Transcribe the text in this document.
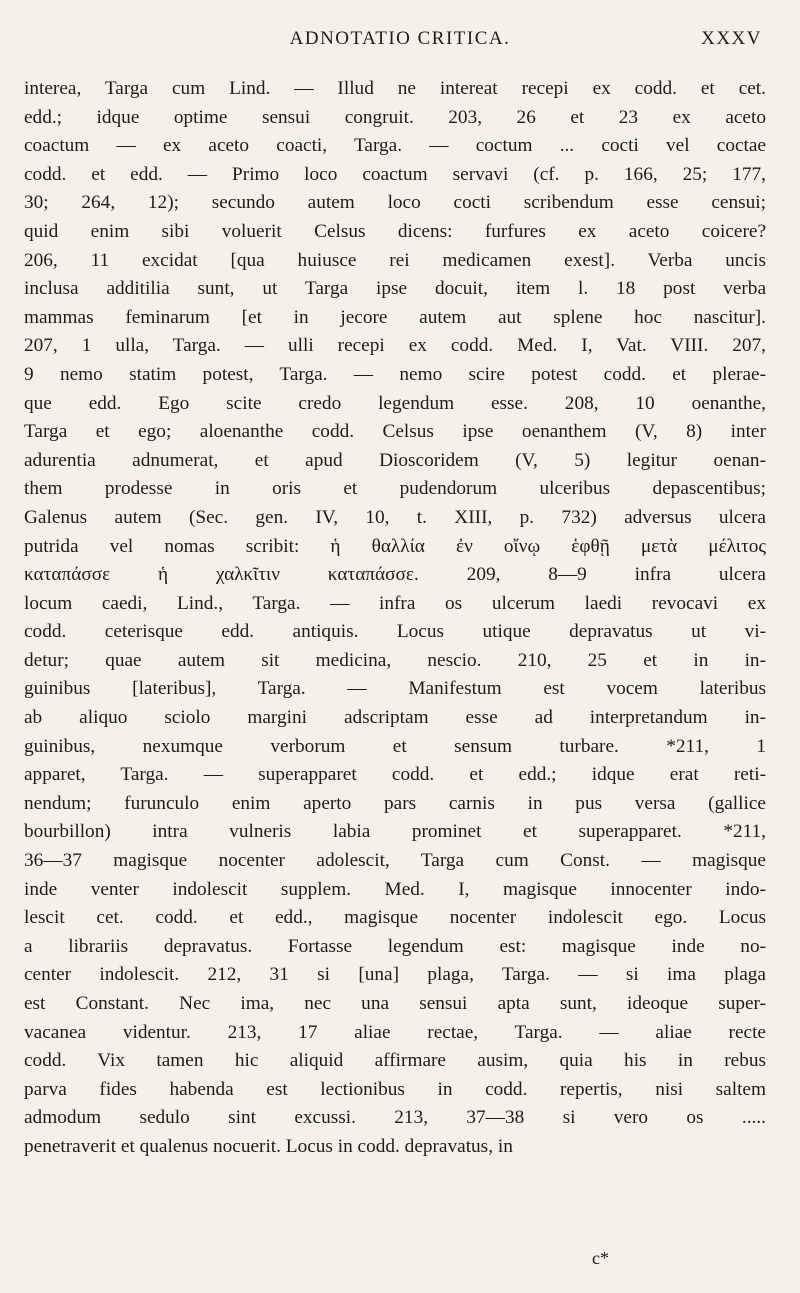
ADNOTATIO CRITICA.	XXXV
interea, Targa cum Lind. — Illud ne intereat recepi ex codd. et cet.
edd.; idque optime sensui congruit. 203, 26 et 23 ex aceto
coactum — ex aceto coacti, Targa. — coctum ... cocti vel coctae
codd. et edd. — Primo loco coactum servavi (cf. p. 166, 25; 177,
30; 264, 12); secundo autem loco cocti scribendum esse censui;
quid enim sibi voluerit Celsus dicens: furfures ex aceto coicere?
206, 11 excidat [qua huiusce rei medicamen exest]. Verba uncis
inclusa additilia sunt, ut Targa ipse docuit, item l. 18 post verba
mammas feminarum [et in jecore autem aut splene hoc nascitur].
207, 1 ulla, Targa. — ulli recepi ex codd. Med. I, Vat. VIII. 207,
9 nemo statim potest, Targa. — nemo scire potest codd. et plerae-
que edd. Ego scite credo legendum esse. 208, 10 oenanthe,
Targa et ego; aloenanthe codd. Celsus ipse oenanthem (V, 8) inter
adurentia adnumerat, et apud Dioscoridem (V, 5) legitur oenan-
them prodesse in oris et pudendorum ulceribus depascentibus;
Galenus autem (Sec. gen. IV, 10, t. XIII, p. 732) adversus ulcera
putrida vel nomas scribit: ἡ θαλλία ἐν οἴνῳ ἑφθῇ μετὰ μέλιτος
καταπάσσε ἡ χαλκῖτιν καταπάσσε. 209, 8—9 infra ulcera
locum caedi, Lind., Targa. — infra os ulcerum laedi revocavi ex
codd. ceterisque edd. antiquis. Locus utique depravatus ut vi-
detur; quae autem sit medicina, nescio. 210, 25 et in in-
guinibus [lateribus], Targa. — Manifestum est vocem lateribus
ab aliquo sciolo margini adscriptam esse ad interpretandum in-
guinibus, nexumque verborum et sensum turbare. *211, 1
apparet, Targa. — superapparet codd. et edd.; idque erat reti-
nendum; furunculo enim aperto pars carnis in pus versa (gallice
bourbillon) intra vulneris labia prominet et superapparet. *211,
36—37 magisque nocenter adolescit, Targa cum Const. — magisque
inde venter indolescit supplem. Med. I, magisque innocenter indo-
lescit cet. codd. et edd., magisque nocenter indolescit ego. Locus
a librariis depravatus. Fortasse legendum est: magisque inde no-
center indolescit. 212, 31 si [una] plaga, Targa. — si ima plaga
est Constant. Nec ima, nec una sensui apta sunt, ideoque super-
vacanea videntur. 213, 17 aliae rectae, Targa. — aliae recte
codd. Vix tamen hic aliquid affirmare ausim, quia his in rebus
parva fides habenda est lectionibus in codd. repertis, nisi saltem
admodum sedulo sint excussi. 213, 37—38 si vero os .....
penetraverit et qualenus nocuerit. Locus in codd. depravatus, in
c*
